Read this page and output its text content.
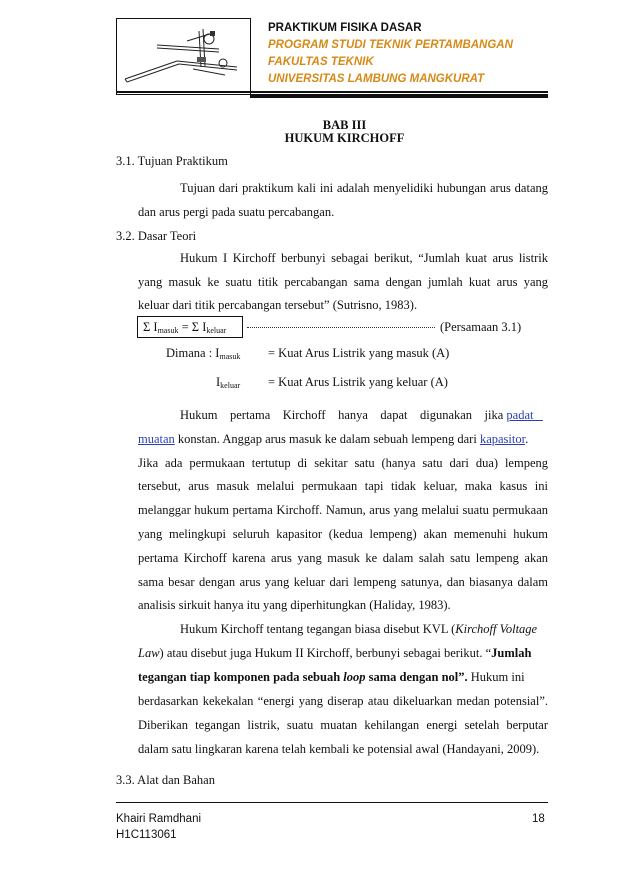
PRAKTIKUM FISIKA DASAR
PROGRAM STUDI TEKNIK PERTAMBANGAN
FAKULTAS TEKNIK
UNIVERSITAS LAMBUNG MANGKURAT
BAB III
HUKUM KIRCHOFF
3.1. Tujuan Praktikum
Tujuan dari praktikum kali ini adalah menyelidiki hubungan arus datang
dan arus pergi pada suatu percabangan.
3.2. Dasar Teori
Hukum I Kirchoff berbunyi sebagai berikut, “Jumlah kuat arus listrik
yang masuk ke suatu titik percabangan sama dengan jumlah kuat arus yang
keluar dari titik percabangan tersebut” (Sutrisno, 1983).
Σ $I_{masuk} = \Sigma$ $I_{keluar}$	(Persamaan 3.1)
Dimana : $I_{masuk}$ = Kuat Arus Listrik yang masuk (A)
$I_{keluar}$ = Kuat Arus Listrik yang keluar (A)
Hukum    pertama    Kirchoff    hanya    dapat    digunakan    jika padat
muatan konstan. Anggap arus masuk ke dalam sebuah lempeng dari kapasitor.
Jika ada permukaan tertutup di sekitar satu (hanya satu dari dua) lempeng
tersebut, arus masuk melalui permukaan tapi tidak keluar, maka kasus ini
melanggar hukum pertama Kirchoff. Namun, arus yang melalui suatu permukaan
yang melingkupi seluruh kapasitor (kedua lempeng) akan memenuhi hukum
pertama Kirchoff karena arus yang masuk ke dalam salah satu lempeng akan
sama besar dengan arus yang keluar dari lempeng satunya, dan biasanya dalam
analisis sirkuit hanya itu yang diperhitungkan (Haliday, 1983).
Hukum Kirchoff tentang tegangan biasa disebut KVL (Kirchoff Voltage
Law) atau disebut juga Hukum II Kirchoff, berbunyi sebagai berikut. “Jumlah
tegangan tiap komponen pada sebuah loop sama dengan nol”. Hukum ini
berdasarkan kekekalan “energi yang diserap atau dikeluarkan medan potensial”.
Diberikan tegangan listrik, suatu muatan kehilangan energi setelah berputar
dalam satu lingkaran karena telah kembali ke potensial awal (Handayani, 2009).
3.3. Alat dan Bahan
Khairi Ramdhani
H1C113061
18
